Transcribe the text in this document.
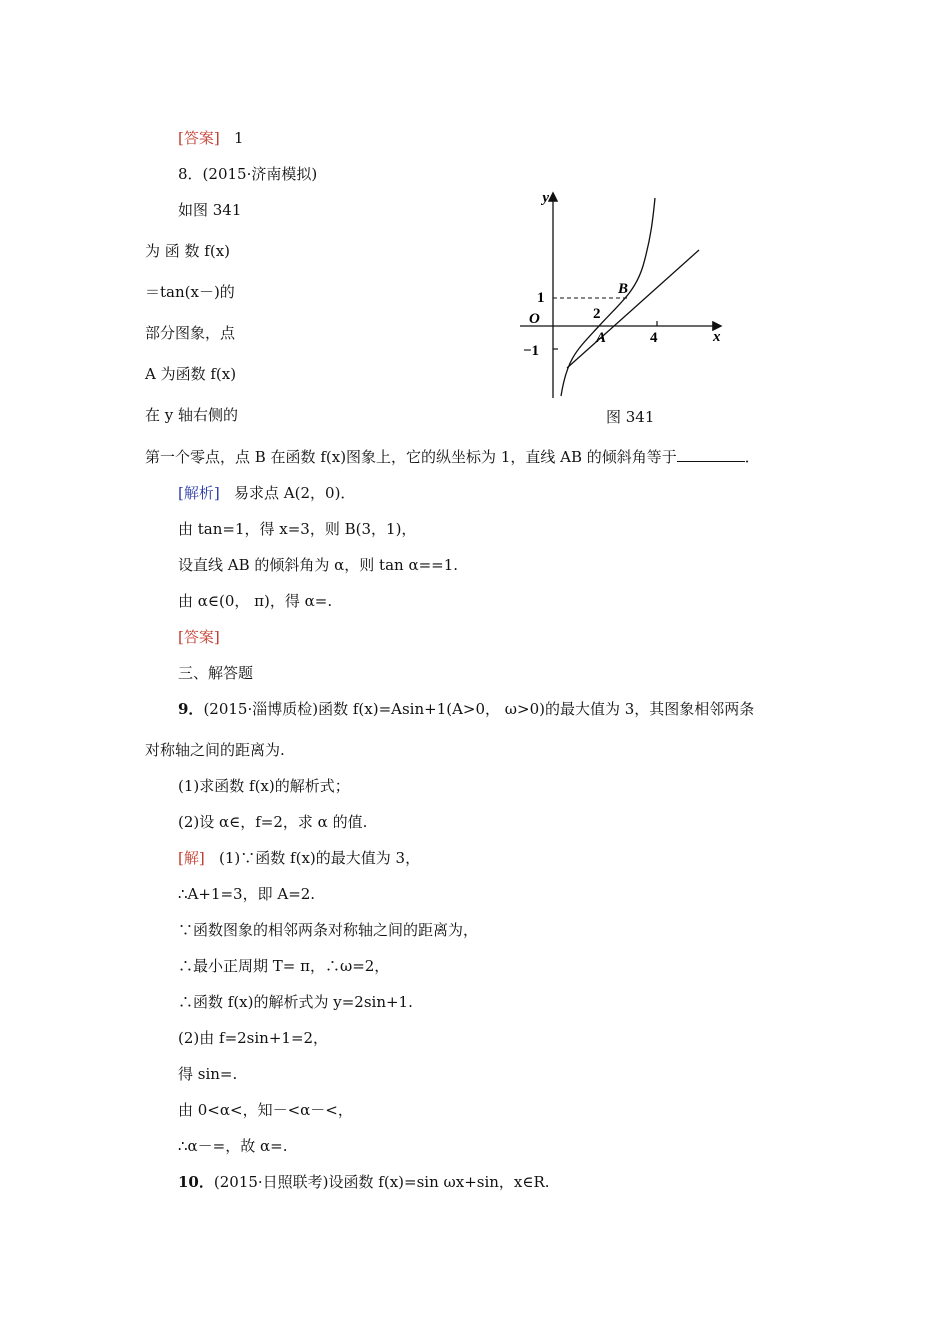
[答案] 1
8．(2015·济南模拟)
如图 341
为 函 数 f(x)
＝tan(x－)的
部分图象，点
A 为函数 f(x)
在 y 轴右侧的
y
x
O
1
−1
2
4
A
B
图 341
第一个零点，点 B 在函数 f(x)图象上，它的纵坐标为 1，直线 AB 的倾斜角等于	．
[解析] 易求点 A(2，0)．
由 tan=1，得 x=3，则 B(3，1)，
设直线 AB 的倾斜角为 α，则 tan α==1.
由 α∈(0， π)，得 α=.
[答案]
三、解答题
9．(2015·淄博质检)函数 f(x)=Asin+1(A>0， ω>0)的最大值为 3，其图象相邻两条
对称轴之间的距离为.
(1)求函数 f(x)的解析式；
(2)设 α∈，f=2，求 α 的值.
[解] (1)∵函数 f(x)的最大值为 3，
∴A+1=3，即 A=2.
∵函数图象的相邻两条对称轴之间的距离为，
∴最小正周期 T= π，∴ω=2，
∴函数 f(x)的解析式为 y=2sin+1.
(2)由 f=2sin+1=2，
得 sin=.
由 0<α<，知－<α－<，
∴α－=，故 α=.
10．(2015·日照联考)设函数 f(x)=sin ωx+sin，x∈R.
